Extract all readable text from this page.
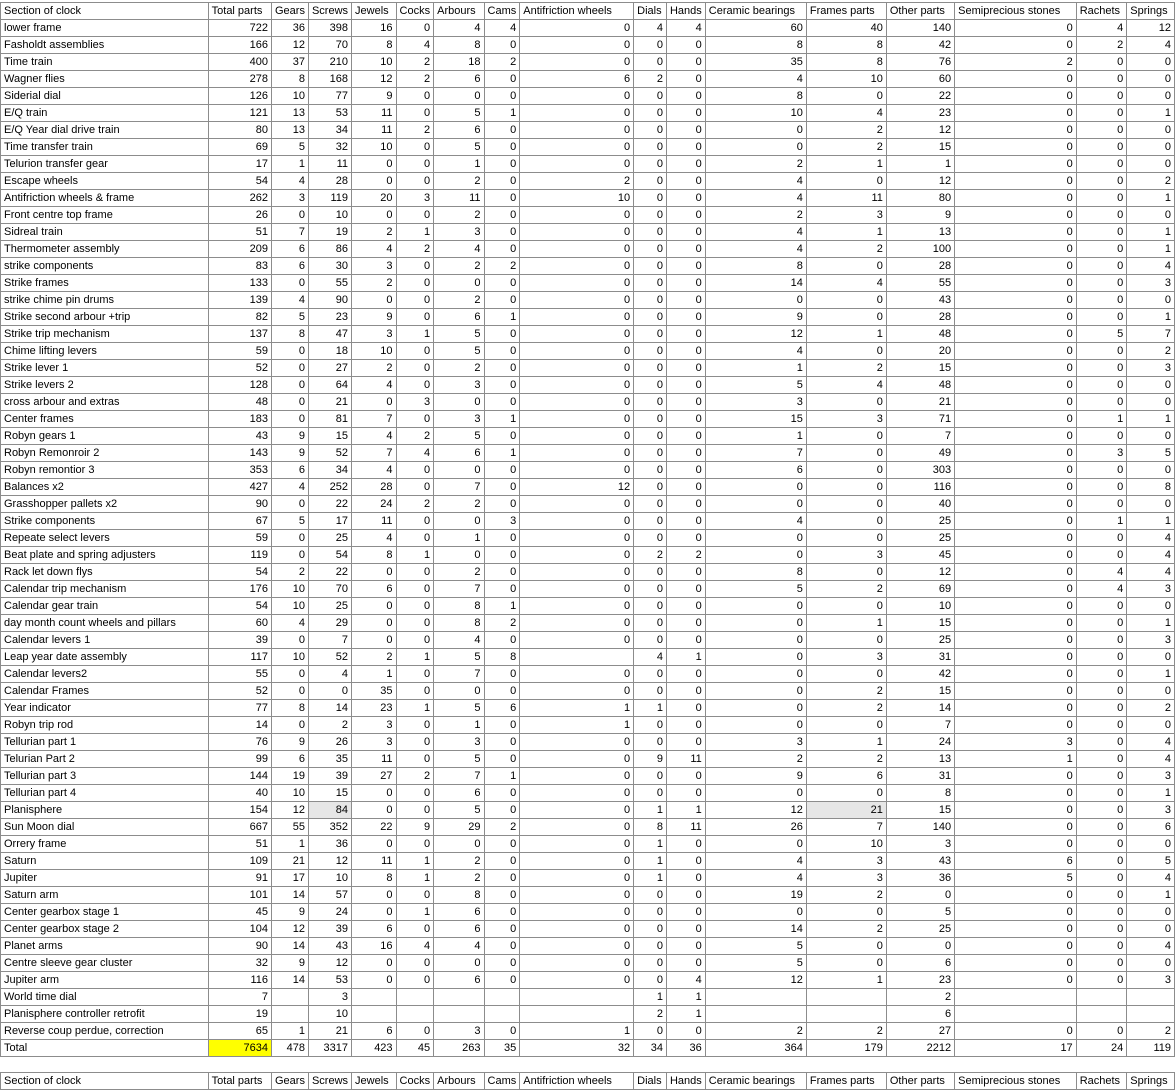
Section of clock	Total parts	Gears	Screws	Jewels	Cocks	Arbours	Cams	Antifriction wheels	Dials	Hands	Ceramic bearings	Frames parts	Other parts	Semiprecious stones	Rachets	Springs
lower frame	722	36	398	16	0	4	4	0	4	4	60	40	140	0	4	12
Fasholdt assemblies	166	12	70	8	4	8	0	0	0	0	8	8	42	0	2	4
Time train	400	37	210	10	2	18	2	0	0	0	35	8	76	2	0	0
Wagner flies	278	8	168	12	2	6	0	6	2	0	4	10	60	0	0	0
Siderial dial	126	10	77	9	0	0	0	0	0	0	8	0	22	0	0	0
E/Q train	121	13	53	11	0	5	1	0	0	0	10	4	23	0	0	1
E/Q Year dial drive train	80	13	34	11	2	6	0	0	0	0	0	2	12	0	0	0
Time transfer train	69	5	32	10	0	5	0	0	0	0	0	2	15	0	0	0
Telurion transfer gear	17	1	11	0	0	1	0	0	0	0	2	1	1	0	0	0
Escape wheels	54	4	28	0	0	2	0	2	0	0	4	0	12	0	0	2
Antifriction wheels & frame	262	3	119	20	3	11	0	10	0	0	4	11	80	0	0	1
Front centre top frame	26	0	10	0	0	2	0	0	0	0	2	3	9	0	0	0
Sidreal train	51	7	19	2	1	3	0	0	0	0	4	1	13	0	0	1
Thermometer assembly	209	6	86	4	2	4	0	0	0	0	4	2	100	0	0	1
strike components	83	6	30	3	0	2	2	0	0	0	8	0	28	0	0	4
Strike frames	133	0	55	2	0	0	0	0	0	0	14	4	55	0	0	3
strike chime pin drums	139	4	90	0	0	2	0	0	0	0	0	0	43	0	0	0
Strike second arbour +trip	82	5	23	9	0	6	1	0	0	0	9	0	28	0	0	1
Strike trip mechanism	137	8	47	3	1	5	0	0	0	0	12	1	48	0	5	7
Chime lifting levers	59	0	18	10	0	5	0	0	0	0	4	0	20	0	0	2
Strike lever 1	52	0	27	2	0	2	0	0	0	0	1	2	15	0	0	3
Strike levers 2	128	0	64	4	0	3	0	0	0	0	5	4	48	0	0	0
cross arbour and extras	48	0	21	0	3	0	0	0	0	0	3	0	21	0	0	0
Center frames	183	0	81	7	0	3	1	0	0	0	15	3	71	0	1	1
Robyn gears 1	43	9	15	4	2	5	0	0	0	0	1	0	7	0	0	0
Robyn Remonroir 2	143	9	52	7	4	6	1	0	0	0	7	0	49	0	3	5
Robyn remontior 3	353	6	34	4	0	0	0	0	0	0	6	0	303	0	0	0
Balances x2	427	4	252	28	0	7	0	12	0	0	0	0	116	0	0	8
Grasshopper pallets x2	90	0	22	24	2	2	0	0	0	0	0	0	40	0	0	0
Strike components	67	5	17	11	0	0	3	0	0	0	4	0	25	0	1	1
Repeate select levers	59	0	25	4	0	1	0	0	0	0	0	0	25	0	0	4
Beat plate and spring adjusters	119	0	54	8	1	0	0	0	2	2	0	3	45	0	0	4
Rack let down flys	54	2	22	0	0	2	0	0	0	0	8	0	12	0	4	4
Calendar trip mechanism	176	10	70	6	0	7	0	0	0	0	5	2	69	0	4	3
Calendar gear train	54	10	25	0	0	8	1	0	0	0	0	0	10	0	0	0
day month count wheels and pillars	60	4	29	0	0	8	2	0	0	0	0	1	15	0	0	1
Calendar levers 1	39	0	7	0	0	4	0	0	0	0	0	0	25	0	0	3
Leap year date assembly	117	10	52	2	1	5	8		4	1	0	3	31	0	0	0
Calendar levers2	55	0	4	1	0	7	0	0	0	0	0	0	42	0	0	1
Calendar Frames	52	0	0	35	0	0	0	0	0	0	0	2	15	0	0	0
Year indicator	77	8	14	23	1	5	6	1	1	0	0	2	14	0	0	2
Robyn trip rod	14	0	2	3	0	1	0	1	0	0	0	0	7	0	0	0
Tellurian part 1	76	9	26	3	0	3	0	0	0	0	3	1	24	3	0	4
Telurian Part 2	99	6	35	11	0	5	0	0	9	11	2	2	13	1	0	4
Tellurian part 3	144	19	39	27	2	7	1	0	0	0	9	6	31	0	0	3
Tellurian part 4	40	10	15	0	0	6	0	0	0	0	0	0	8	0	0	1
Planisphere	154	12	84	0	0	5	0	0	1	1	12	21	15	0	0	3
Sun Moon dial	667	55	352	22	9	29	2	0	8	11	26	7	140	0	0	6
Orrery frame	51	1	36	0	0	0	0	0	1	0	0	10	3	0	0	0
Saturn	109	21	12	11	1	2	0	0	1	0	4	3	43	6	0	5
Jupiter	91	17	10	8	1	2	0	0	1	0	4	3	36	5	0	4
Saturn arm	101	14	57	0	0	8	0	0	0	0	19	2	0	0	0	1
Center gearbox stage 1	45	9	24	0	1	6	0	0	0	0	0	0	5	0	0	0
Center gearbox stage 2	104	12	39	6	0	6	0	0	0	0	14	2	25	0	0	0
Planet arms	90	14	43	16	4	4	0	0	0	0	5	0	0	0	0	4
Centre sleeve gear cluster	32	9	12	0	0	0	0	0	0	0	5	0	6	0	0	0
Jupiter arm	116	14	53	0	0	6	0	0	0	4	12	1	23	0	0	3
World time dial	7		3						1	1			2			
Planisphere controller retrofit	19		10						2	1			6			
Reverse coup perdue, correction	65	1	21	6	0	3	0	1	0	0	2	2	27	0	0	2
Total	7634	478	3317	423	45	263	35	32	34	36	364	179	2212	17	24	119

Section of clock	Total parts	Gears	Screws	Jewels	Cocks	Arbours	Cams	Antifriction wheels	Dials	Hands	Ceramic bearings	Frames parts	Other parts	Semiprecious stones	Rachets	Springs
